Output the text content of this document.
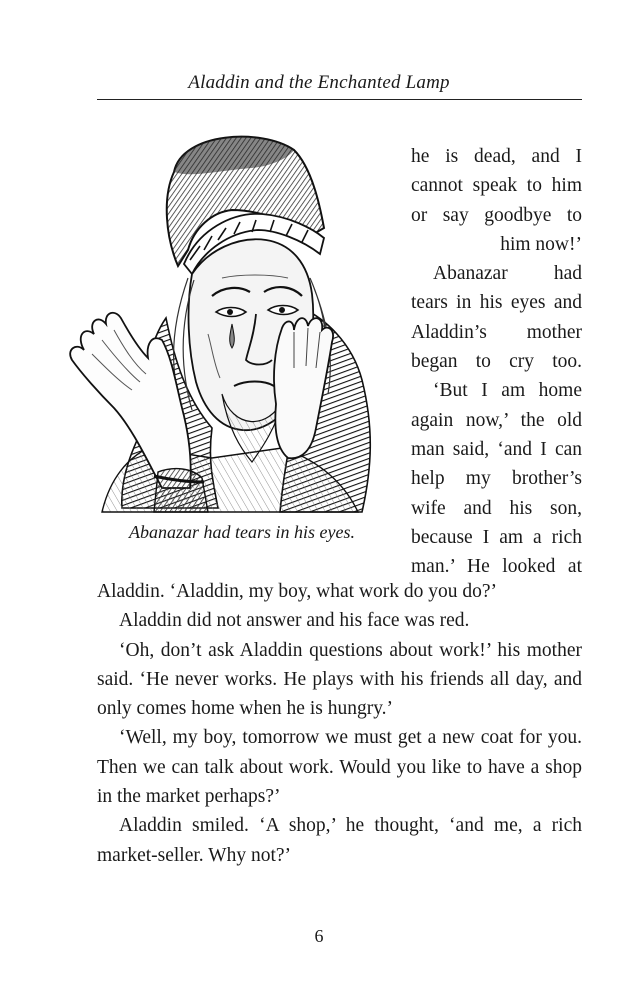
Aladdin and the Enchanted Lamp
Abanazar had tears in his eyes.

he is dead, and I cannot speak to him or say goodbye to him now!’

Abanazar had tears in his eyes and Aladdin’s mother began to cry too.

‘But I am home again now,’ the old man said, ‘and I can help my brother’s wife and his son, because I am a rich man.’ He looked at

Aladdin. ‘Aladdin, my boy, what work do you do?’

Aladdin did not answer and his face was red.

‘Oh, don’t ask Aladdin questions about work!’ his mother said. ‘He never works. He plays with his friends all day, and only comes home when he is hungry.’

‘Well, my boy, tomorrow we must get a new coat for you. Then we can talk about work. Would you like to have a shop in the market perhaps?’

Aladdin smiled. ‘A shop,’ he thought, ‘and me, a rich market-seller. Why not?’

6
